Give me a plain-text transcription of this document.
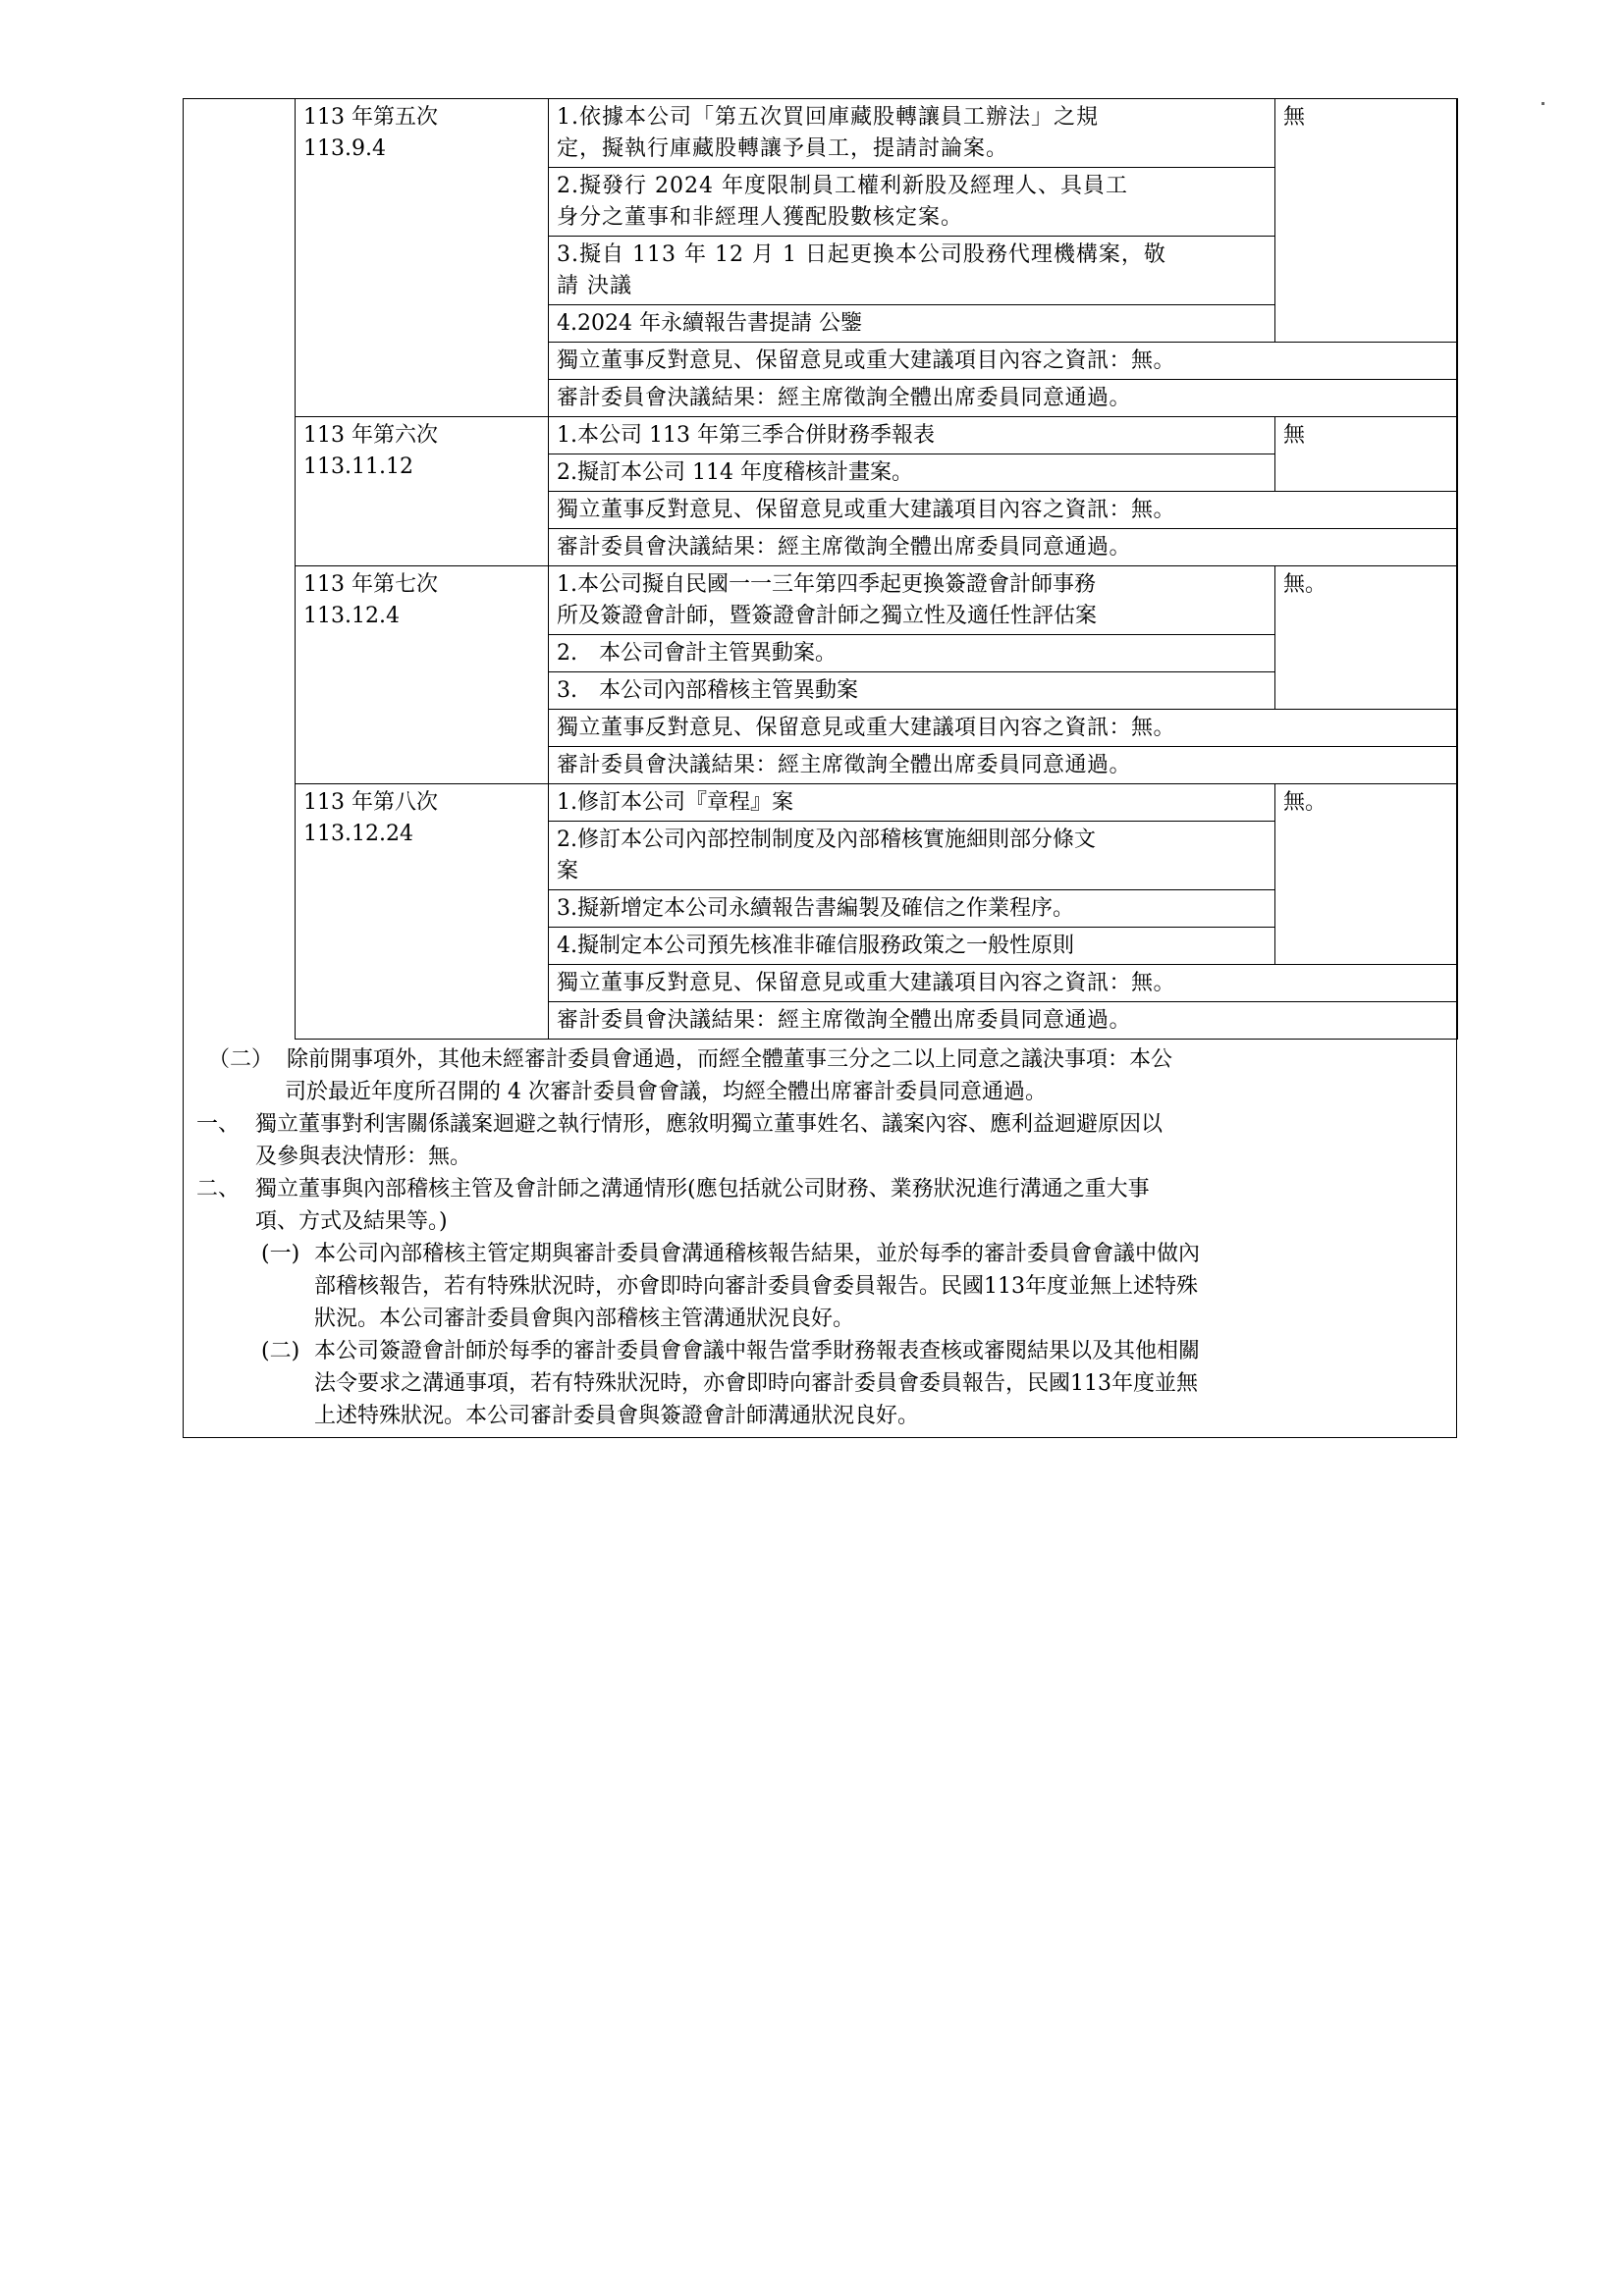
113 年第五次
113.9.4	1.依據本公司「第五次買回庫藏股轉讓員工辦法」之規
定，擬執行庫藏股轉讓予員工，提請討論案。	無

	2.擬發行 2024 年度限制員工權利新股及經理人、具員工
身分之董事和非經理人獲配股數核定案。	

	3.擬自 113 年 12 月 1 日起更換本公司股務代理機構案，敬
請 決議	

	4.2024 年永續報告書提請 公鑒	

	獨立董事反對意見、保留意見或重大建議項目內容之資訊：無。	
	審計委員會決議結果：經主席徵詢全體出席委員同意通過。	

113 年第六次
113.11.12	1.本公司 113 年第三季合併財務季報表	無

	2.擬訂本公司 114 年度稽核計畫案。	

	獨立董事反對意見、保留意見或重大建議項目內容之資訊：無。	
	審計委員會決議結果：經主席徵詢全體出席委員同意通過。	

113 年第七次
113.12.4	1.本公司擬自民國一一三年第四季起更換簽證會計師事務
所及簽證會計師，暨簽證會計師之獨立性及適任性評估案	無。

	2.　本公司會計主管異動案。	

	3.　本公司內部稽核主管異動案	

	獨立董事反對意見、保留意見或重大建議項目內容之資訊：無。	
	審計委員會決議結果：經主席徵詢全體出席委員同意通過。	

113 年第八次
113.12.24	1.修訂本公司『章程』案	無。

	2.修訂本公司內部控制制度及內部稽核實施細則部分條文
案	

	3.擬新增定本公司永續報告書編製及確信之作業程序。	

	4.擬制定本公司預先核准非確信服務政策之一般性原則	

	獨立董事反對意見、保留意見或重大建議項目內容之資訊：無。	
	審計委員會決議結果：經主席徵詢全體出席委員同意通過。	
（二） 除前開事項外，其他未經審計委員會通過，而經全體董事三分之二以上同意之議決事項：本公
司於最近年度所召開的 4 次審計委員會會議，均經全體出席審計委員同意通過。
一、 獨立董事對利害關係議案迴避之執行情形，應敘明獨立董事姓名、議案內容、應利益迴避原因以
及參與表決情形：無。
二、 獨立董事與內部稽核主管及會計師之溝通情形(應包括就公司財務、業務狀況進行溝通之重大事
項、方式及結果等。)
(一) 本公司內部稽核主管定期與審計委員會溝通稽核報告結果，並於每季的審計委員會會議中做內
部稽核報告，若有特殊狀況時，亦會即時向審計委員會委員報告。民國113年度並無上述特殊
狀況。本公司審計委員會與內部稽核主管溝通狀況良好。
(二) 本公司簽證會計師於每季的審計委員會會議中報告當季財務報表查核或審閱結果以及其他相關
法令要求之溝通事項，若有特殊狀況時，亦會即時向審計委員會委員報告，民國113年度並無
上述特殊狀況。本公司審計委員會與簽證會計師溝通狀況良好。
